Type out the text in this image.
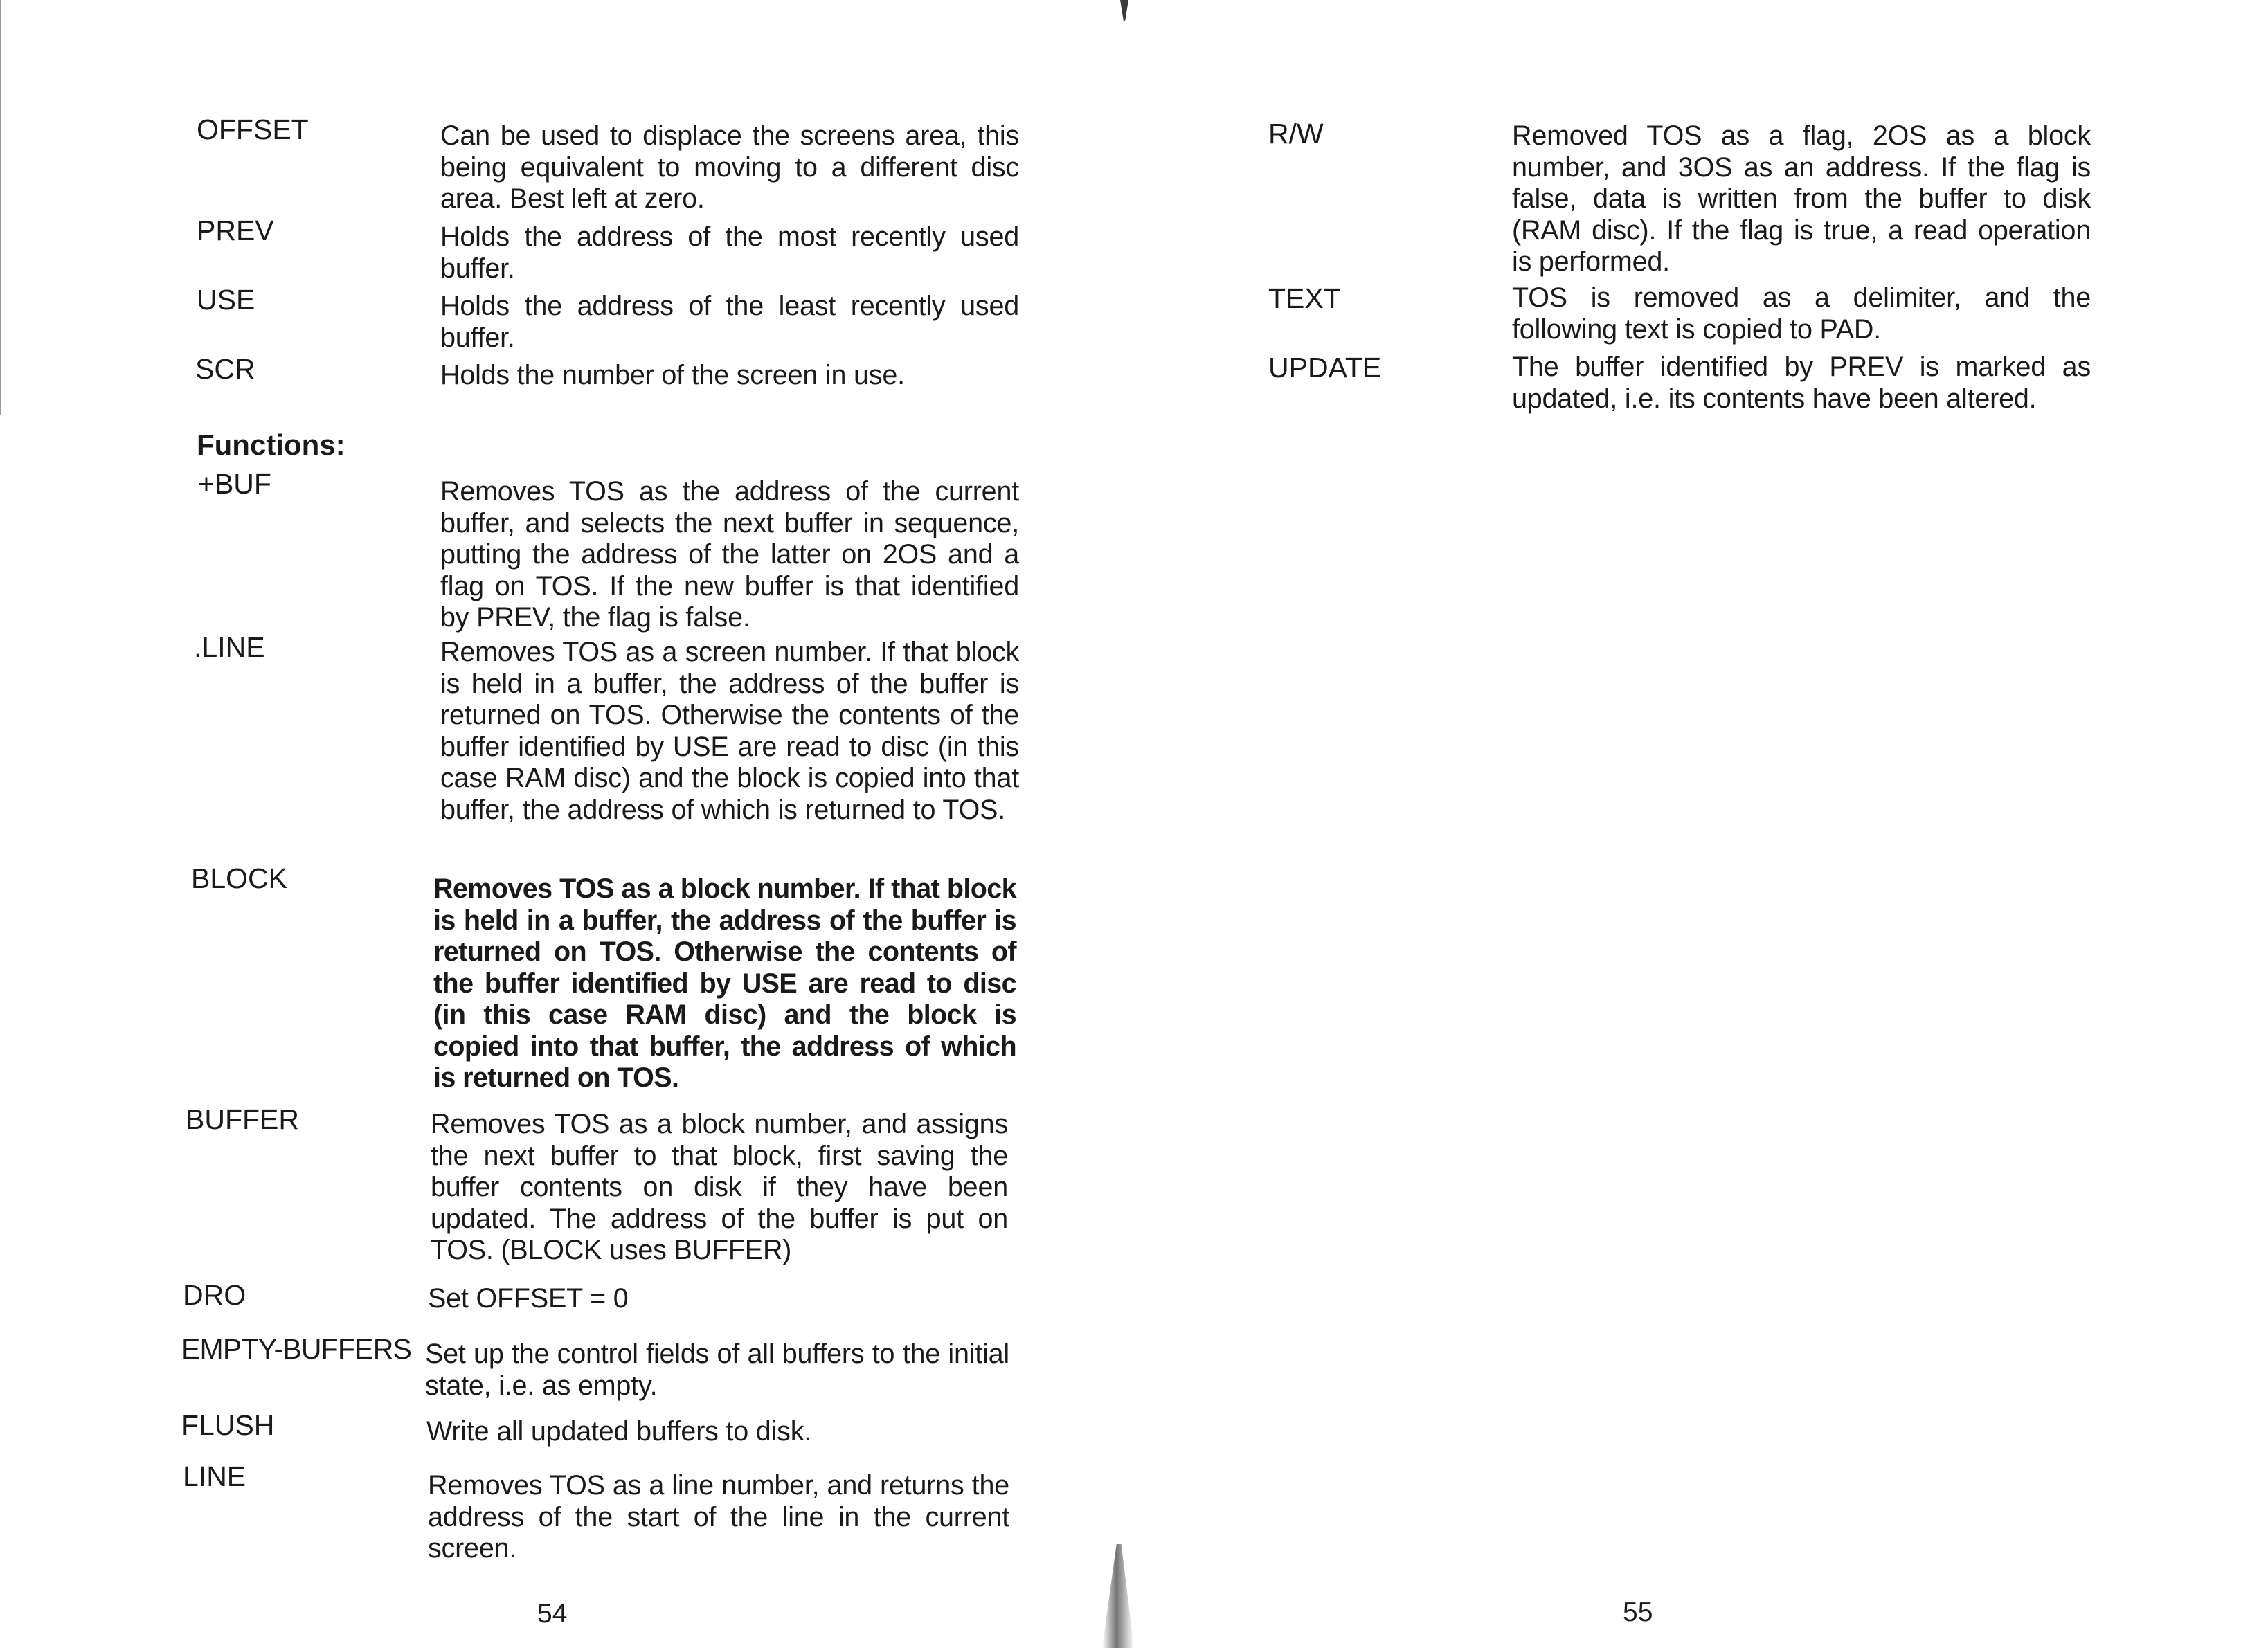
OFFSET	Can be used to displace the screens area, this being equivalent to moving to a different disc area. Best left at zero.
PREV	Holds the address of the most recently used buffer.
USE	Holds the address of the least recently used buffer.
SCR	Holds the number of the screen in use.
Functions:
+BUF	Removes TOS as the address of the current buffer, and selects the next buffer in sequence, putting the address of the latter on 2OS and a flag on TOS. If the new buffer is that identified by PREV, the flag is false.
.LINE	Removes TOS as a screen number. If that block is held in a buffer, the address of the buffer is returned on TOS. Otherwise the contents of the buffer identified by USE are read to disc (in this case RAM disc) and the block is copied into that buffer, the address of which is returned to TOS.
BLOCK	Removes TOS as a block number. If that block is held in a buffer, the address of the buffer is returned on TOS. Otherwise the contents of the buffer identified by USE are read to disc (in this case RAM disc) and the block is copied into that buffer, the address of which is returned on TOS.
BUFFER	Removes TOS as a block number, and assigns the next buffer to that block, first saving the buffer contents on disk if they have been updated. The address of the buffer is put on TOS. (BLOCK uses BUFFER)
DRO	Set OFFSET = 0
EMPTY-BUFFERS Set up the control fields of all buffers to the initial state, i.e. as empty.
FLUSH	Write all updated buffers to disk.
LINE	Removes TOS as a line number, and returns the address of the start of the line in the current screen.
54
R/W	Removed TOS as a flag, 2OS as a block number, and 3OS as an address. If the flag is false, data is written from the buffer to disk (RAM disc). If the flag is true, a read operation is performed.
TEXT	TOS is removed as a delimiter, and the following text is copied to PAD.
UPDATE	The buffer identified by PREV is marked as updated, i.e. its contents have been altered.
55
